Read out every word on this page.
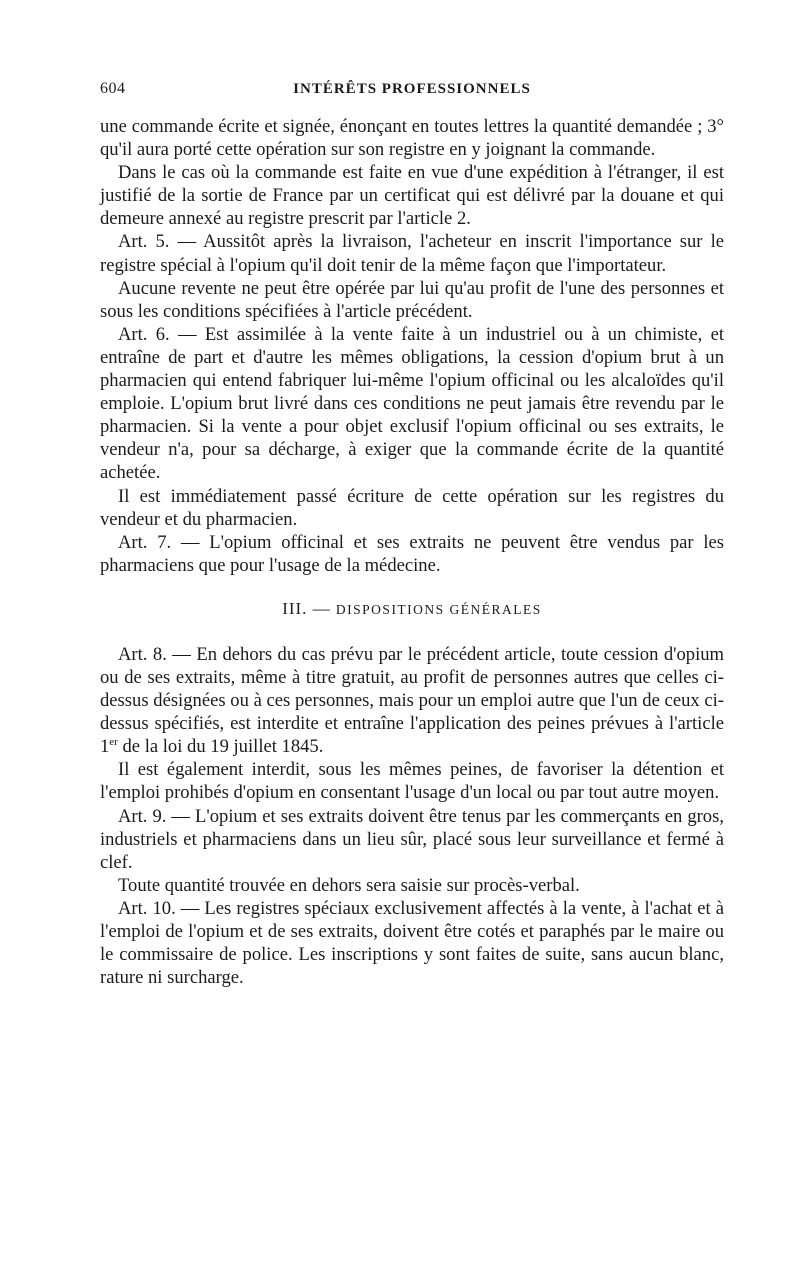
604	INTÉRÊTS PROFESSIONNELS

une commande écrite et signée, énonçant en toutes lettres la quantité demandée ; 3° qu'il aura porté cette opération sur son registre en y joignant la commande.

Dans le cas où la commande est faite en vue d'une expédition à l'étranger, il est justifié de la sortie de France par un certificat qui est délivré par la douane et qui demeure annexé au registre prescrit par l'article 2.

Art. 5. — Aussitôt après la livraison, l'acheteur en inscrit l'importance sur le registre spécial à l'opium qu'il doit tenir de la même façon que l'importateur.

Aucune revente ne peut être opérée par lui qu'au profit de l'une des personnes et sous les conditions spécifiées à l'article précédent.

Art. 6. — Est assimilée à la vente faite à un industriel ou à un chimiste, et entraîne de part et d'autre les mêmes obligations, la cession d'opium brut à un pharmacien qui entend fabriquer lui-même l'opium officinal ou les alcaloïdes qu'il emploie. L'opium brut livré dans ces conditions ne peut jamais être revendu par le pharmacien. Si la vente a pour objet exclusif l'opium officinal ou ses extraits, le vendeur n'a, pour sa décharge, à exiger que la commande écrite de la quantité achetée.

Il est immédiatement passé écriture de cette opération sur les registres du vendeur et du pharmacien.

Art. 7. — L'opium officinal et ses extraits ne peuvent être vendus par les pharmaciens que pour l'usage de la médecine.

III. — DISPOSITIONS GÉNÉRALES

Art. 8. — En dehors du cas prévu par le précédent article, toute cession d'opium ou de ses extraits, même à titre gratuit, au profit de personnes autres que celles ci-dessus désignées ou à ces personnes, mais pour un emploi autre que l'un de ceux ci-dessus spécifiés, est interdite et entraîne l'application des peines prévues à l'article 1er de la loi du 19 juillet 1845.

Il est également interdit, sous les mêmes peines, de favoriser la détention et l'emploi prohibés d'opium en consentant l'usage d'un local ou par tout autre moyen.

Art. 9. — L'opium et ses extraits doivent être tenus par les commerçants en gros, industriels et pharmaciens dans un lieu sûr, placé sous leur surveillance et fermé à clef.

Toute quantité trouvée en dehors sera saisie sur procès-verbal.

Art. 10. — Les registres spéciaux exclusivement affectés à la vente, à l'achat et à l'emploi de l'opium et de ses extraits, doivent être cotés et paraphés par le maire ou le commissaire de police. Les inscriptions y sont faites de suite, sans aucun blanc, rature ni surcharge.
